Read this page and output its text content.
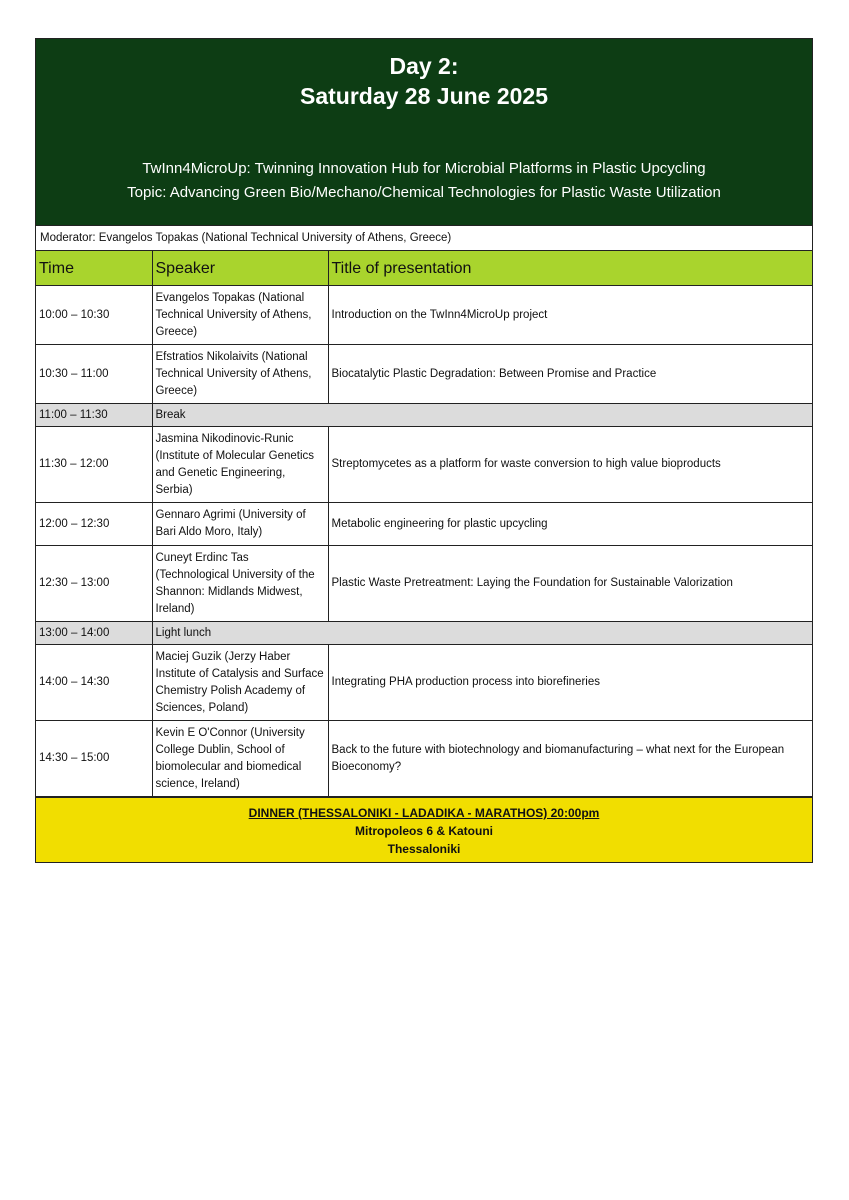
Day 2:
Saturday 28 June 2025
TwInn4MicroUp: Twinning Innovation Hub for Microbial Platforms in Plastic Upcycling
Topic: Advancing Green Bio/Mechano/Chemical Technologies for Plastic Waste Utilization
Moderator: Evangelos Topakas (National Technical University of Athens, Greece)
Time	Speaker	Title of presentation
10:00 – 10:30	Evangelos Topakas (National Technical University of Athens, Greece)	Introduction on the TwInn4MicroUp project
10:30 – 11:00	Efstratios Nikolaivits (National Technical University of Athens, Greece)	Biocatalytic Plastic Degradation: Between Promise and Practice
11:00 – 11:30	Break	
11:30 – 12:00	Jasmina Nikodinovic-Runic (Institute of Molecular Genetics and Genetic Engineering, Serbia)	Streptomycetes as a platform for waste conversion to high value bioproducts
12:00 – 12:30	Gennaro Agrimi (University of Bari Aldo Moro, Italy)	Metabolic engineering for plastic upcycling
12:30 – 13:00	Cuneyt Erdinc Tas (Technological University of the Shannon: Midlands Midwest, Ireland)	Plastic Waste Pretreatment: Laying the Foundation for Sustainable Valorization
13:00 – 14:00	Light lunch	
14:00 – 14:30	Maciej Guzik (Jerzy Haber Institute of Catalysis and Surface Chemistry Polish Academy of Sciences, Poland)	Integrating PHA production process into biorefineries
14:30 – 15:00	Kevin E O'Connor (University College Dublin, School of biomolecular and biomedical science, Ireland)	Back to the future with biotechnology and biomanufacturing – what next for the European Bioeconomy?
DINNER (THESSALONIKI - LADADIKA - MARATHOS) 20:00pm
Mitropoleos 6 & Katouni
Thessaloniki
